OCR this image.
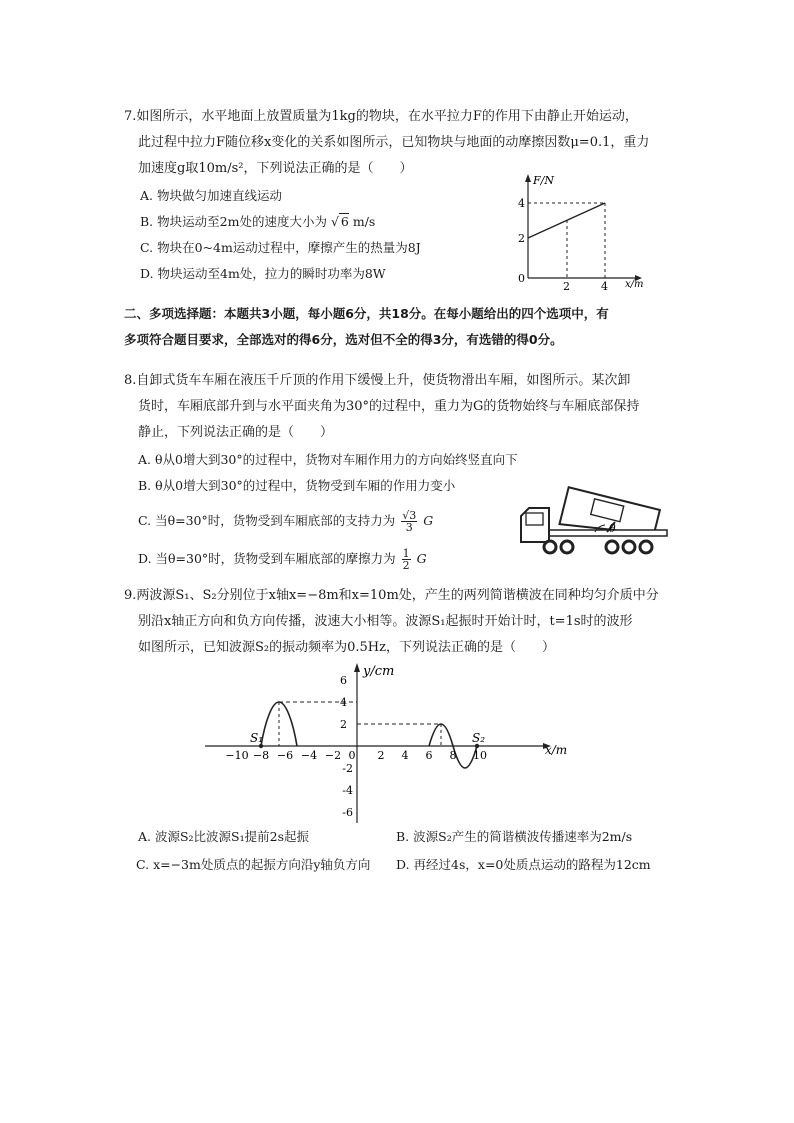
7.如图所示，水平地面上放置质量为1kg的物块，在水平拉力F的作用下由静止开始运动，
此过程中拉力F随位移x变化的关系如图所示，已知物块与地面的动摩擦因数μ=0.1，重力
加速度g取10m/s²，下列说法正确的是（　　）
A. 物块做匀加速直线运动
B. 物块运动至2m处的速度大小为 √ 6 m/s
C. 物块在0~4m运动过程中，摩擦产生的热量为8J
D. 物块运动至4m处，拉力的瞬时功率为8W
F/N
x/m
0
2
4
2	4
二、多项选择题：本题共3小题，每小题6分，共18分。在每小题给出的四个选项中，有
多项符合题目要求，全部选对的得6分，选对但不全的得3分，有选错的得0分。
8.自卸式货车车厢在液压千斤顶的作用下缓慢上升，使货物滑出车厢，如图所示。某次卸
货时，车厢底部升到与水平面夹角为30°的过程中，重力为G的货物始终与车厢底部保持
静止，下列说法正确的是（　　）
A. θ从0增大到30°的过程中，货物对车厢作用力的方向始终竖直向下
B. θ从0增大到30°的过程中，货物受到车厢的作用力变小
C. 当θ=30°时，货物受到车厢底部的支持力为 $\frac{√3}{3}$ G
D. 当θ=30°时，货物受到车厢底部的摩擦力为 $\frac{1}{2}$ G
θ
9.两波源S₁、S₂分别位于x轴x=−8m和x=10m处，产生的两列简谐横波在同种均匀介质中分
别沿x轴正方向和负方向传播，波速大小相等。波源S₁起振时开始计时，t=1s时的波形
如图所示，已知波源S₂的振动频率为0.5Hz，下列说法正确的是（　　）
S₁	S₂
y/cm
x/m
6
4
2
-2
-4
-6
−10 −8 −6 −4 −2 0 2 4 6 8 10
A. 波源S₂比波源S₁提前2s起振	B. 波源S₂产生的简谐横波传播速率为2m/s
C. x=−3m处质点的起振方向沿y轴负方向 D. 再经过4s，x=0处质点运动的路程为12cm
